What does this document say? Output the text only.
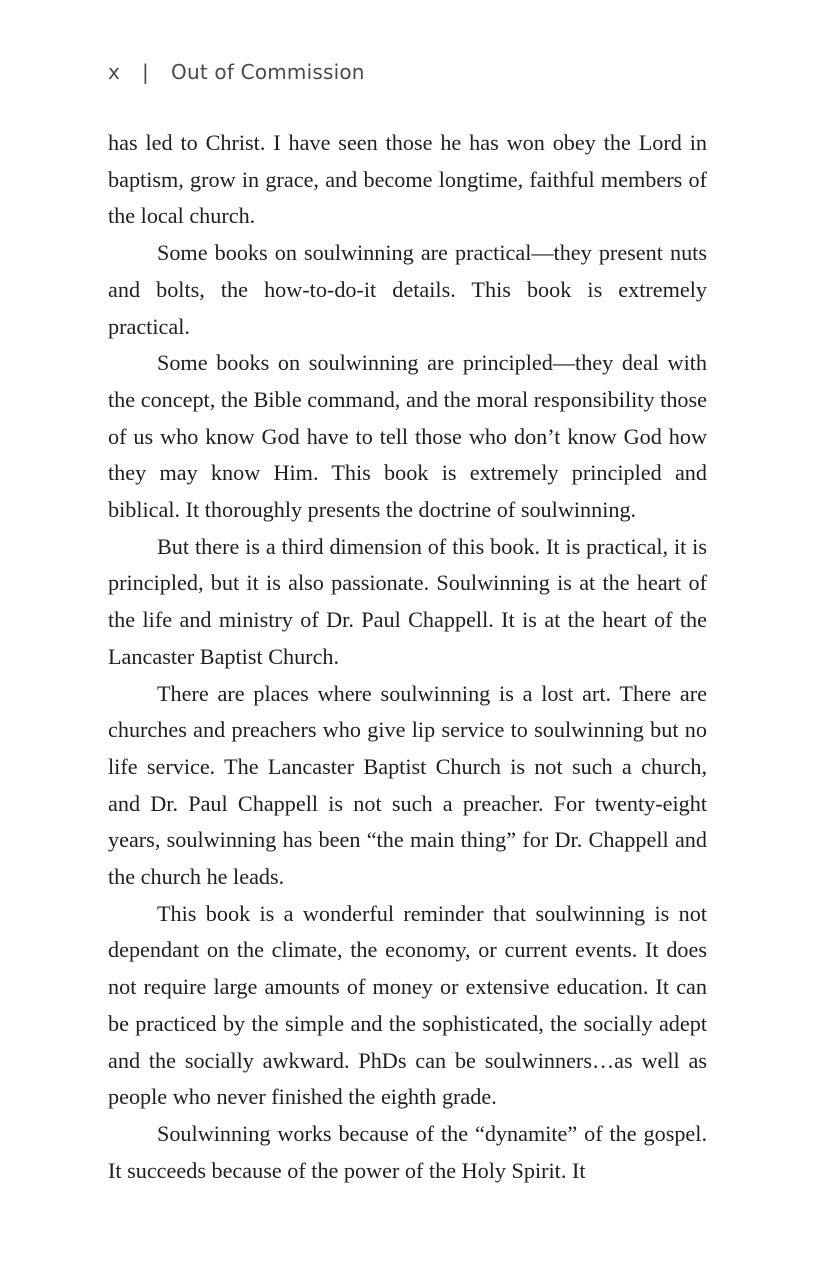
x | Out of Commission

has led to Christ. I have seen those he has won obey the Lord in baptism, grow in grace, and become longtime, faithful members of the local church.

Some books on soulwinning are practical—they present nuts and bolts, the how-to-do-it details. This book is extremely practical.

Some books on soulwinning are principled—they deal with the concept, the Bible command, and the moral responsibility those of us who know God have to tell those who don’t know God how they may know Him. This book is extremely principled and biblical. It thoroughly presents the doctrine of soulwinning.

But there is a third dimension of this book. It is practical, it is principled, but it is also passionate. Soulwinning is at the heart of the life and ministry of Dr. Paul Chappell. It is at the heart of the Lancaster Baptist Church.

There are places where soulwinning is a lost art. There are churches and preachers who give lip service to soulwinning but no life service. The Lancaster Baptist Church is not such a church, and Dr. Paul Chappell is not such a preacher. For twenty-eight years, soulwinning has been “the main thing” for Dr. Chappell and the church he leads.

This book is a wonderful reminder that soulwinning is not dependant on the climate, the economy, or current events. It does not require large amounts of money or extensive education. It can be practiced by the simple and the sophisticated, the socially adept and the socially awkward. PhDs can be soulwinners…as well as people who never finished the eighth grade.

Soulwinning works because of the “dynamite” of the gospel. It succeeds because of the power of the Holy Spirit. It
